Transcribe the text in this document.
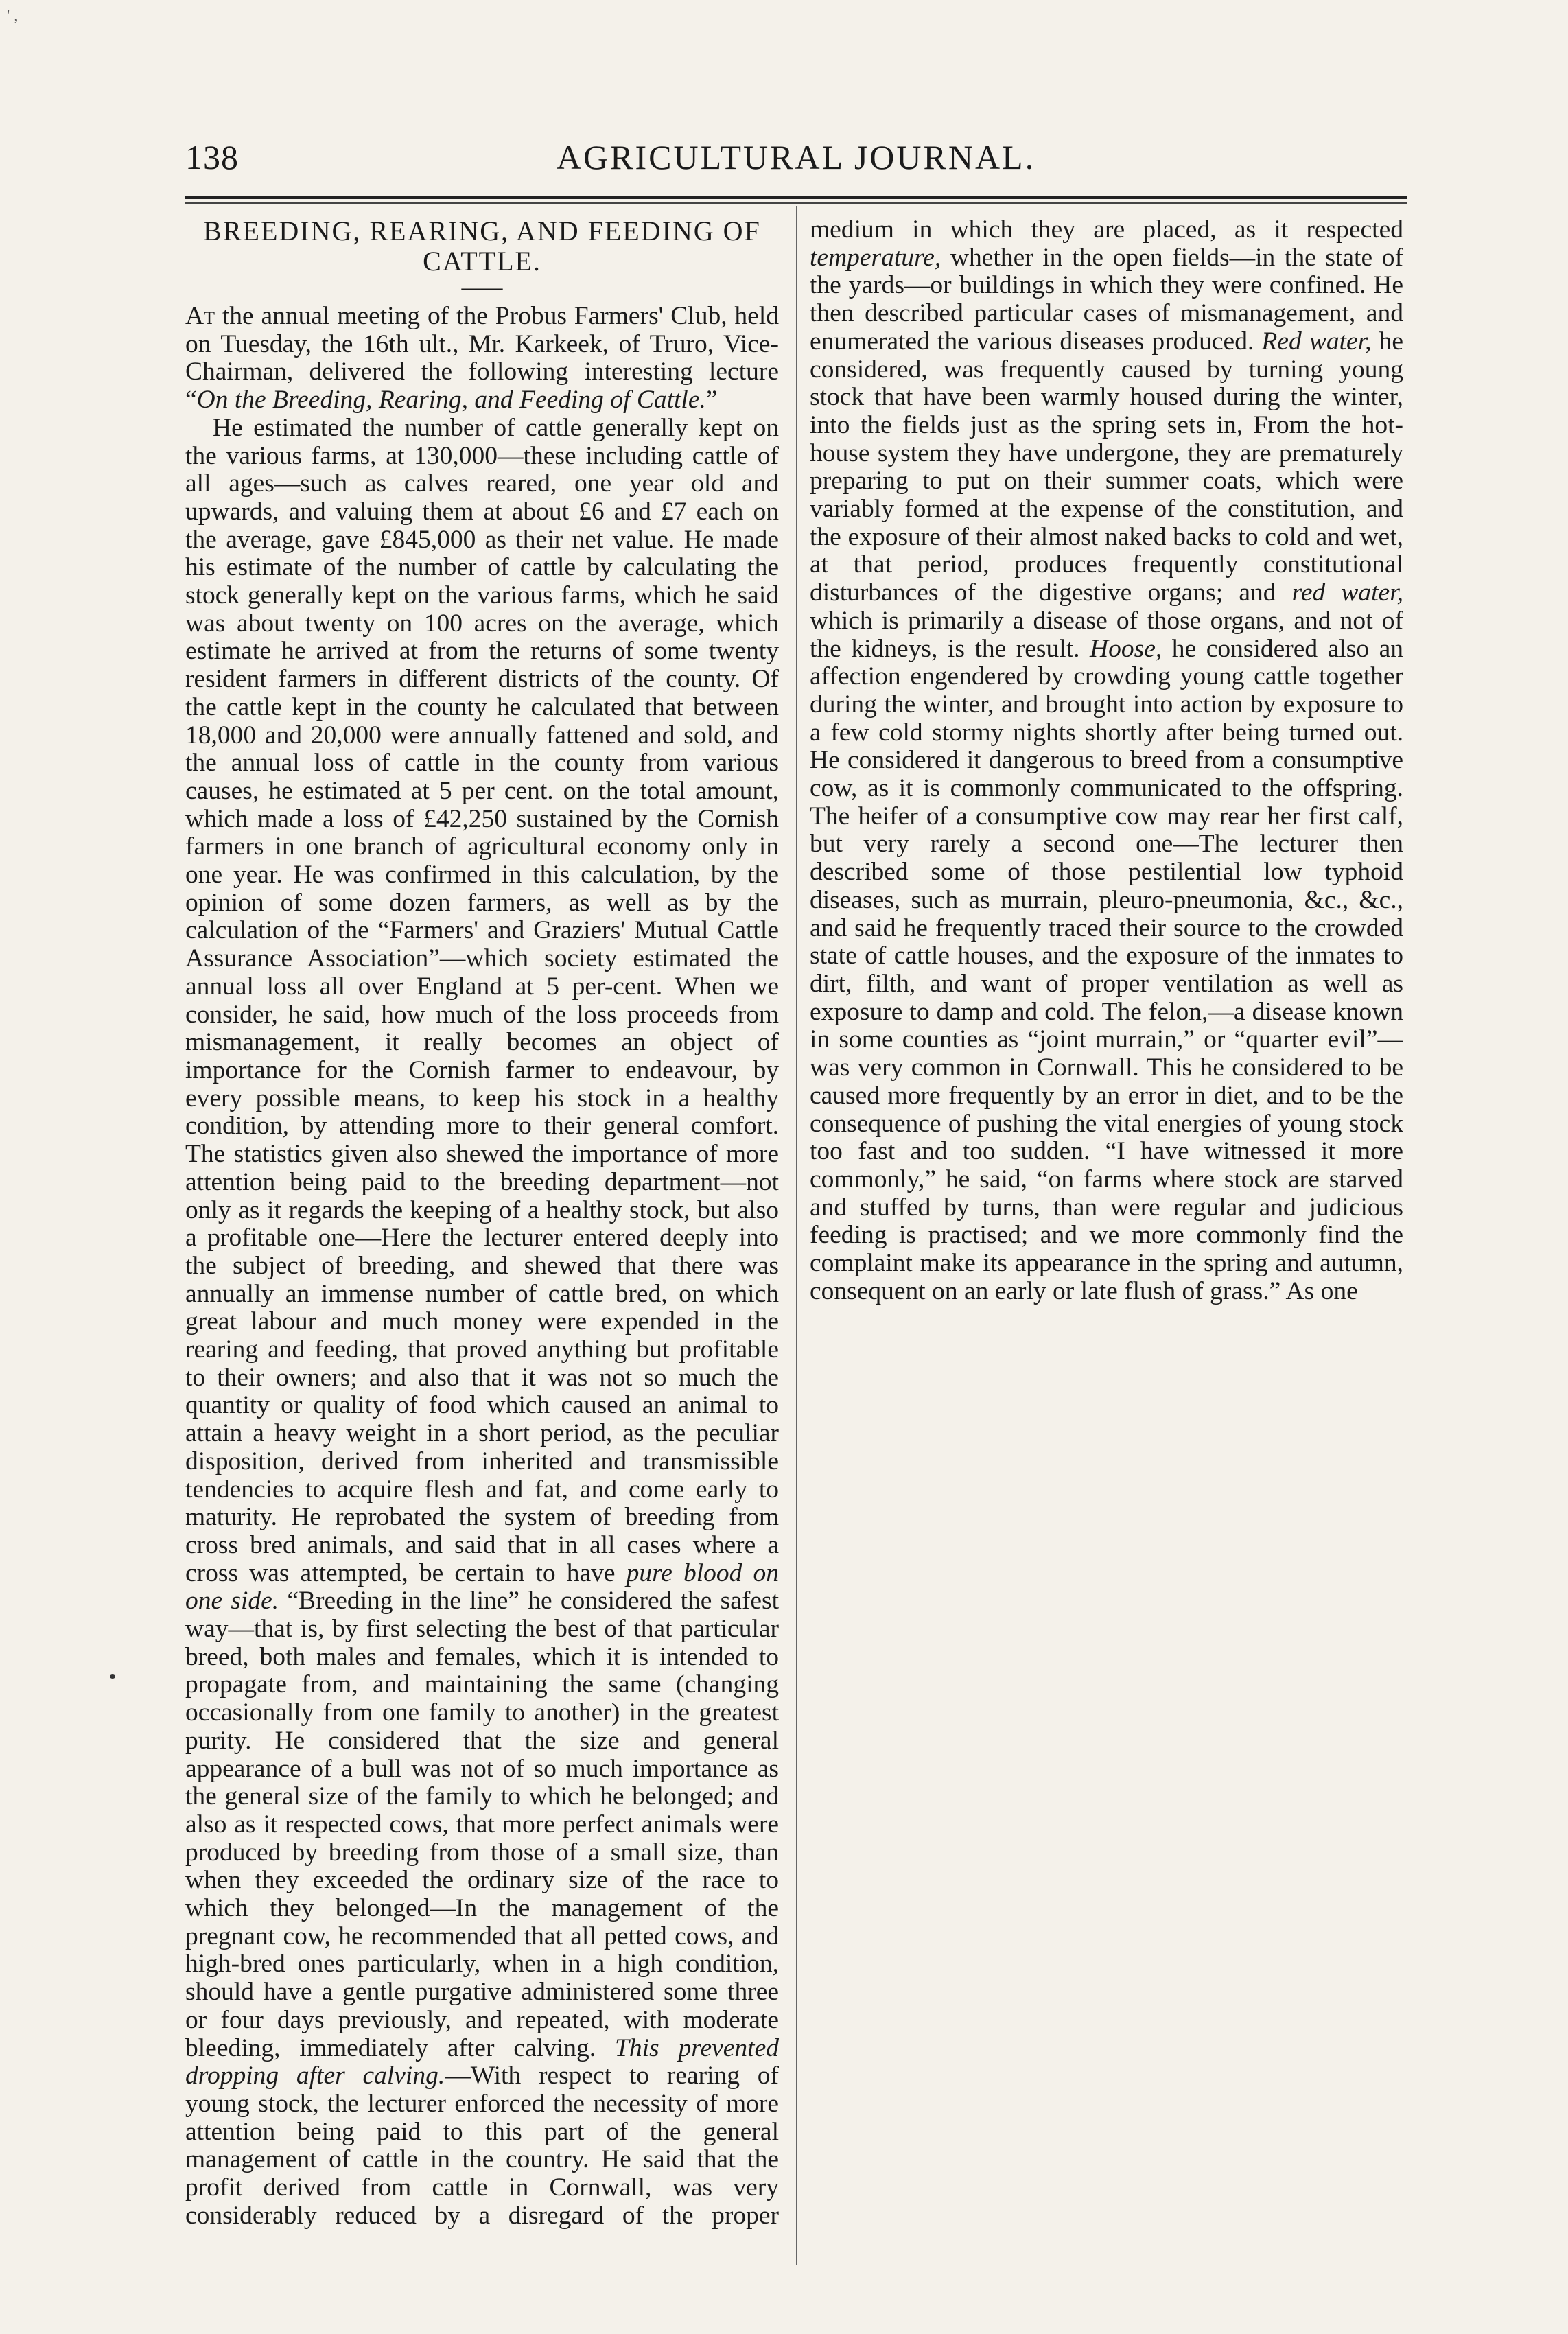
' ,
138	AGRICULTURAL JOURNAL.
BREEDING, REARING, AND FEEDING OF CATTLE.
——

At the annual meeting of the Probus Farmers' Club, held on Tuesday, the 16th ult., Mr. Karkeek, of Truro, Vice-Chairman, delivered the following interesting lecture “On the Breeding, Rearing, and Feeding of Cattle.”

He estimated the number of cattle generally kept on the various farms, at 130,000—these including cattle of all ages—such as calves reared, one year old and upwards, and valuing them at about £6 and £7 each on the average, gave £845,000 as their net value. He made his estimate of the number of cattle by calculating the stock generally kept on the various farms, which he said was about twenty on 100 acres on the average, which estimate he arrived at from the returns of some twenty resident farmers in different districts of the county. Of the cattle kept in the county he calculated that between 18,000 and 20,000 were annually fattened and sold, and the annual loss of cattle in the county from various causes, he estimated at 5 per cent. on the total amount, which made a loss of £42,250 sustained by the Cornish farmers in one branch of agricultural economy only in one year. He was confirmed in this calculation, by the opinion of some dozen farmers, as well as by the calculation of the “Farmers' and Graziers' Mutual Cattle Assurance Association”—which society estimated the annual loss all over England at 5 per-cent. When we consider, he said, how much of the loss proceeds from mismanagement, it really becomes an object of importance for the Cornish farmer to endeavour, by every possible means, to keep his stock in a healthy condition, by attending more to their general comfort. The statistics given also shewed the importance of more attention being paid to the breeding department—not only as it regards the keeping of a healthy stock, but also a profitable one—Here the lecturer entered deeply into the subject of breeding, and shewed that there was annually an immense number of cattle bred, on which great labour and much money were expended in the rearing and feeding, that proved anything but profitable to their owners; and also that it was not so much the quantity or quality of food which caused an animal to attain a heavy weight in a short period, as the peculiar disposition, derived from inherited and transmissible tendencies to acquire flesh and fat, and come early to maturity. He reprobated the system of breeding from cross bred animals, and said that in all cases where a cross was attempted, be certain to have pure blood on one side. “Breeding in the line” he considered the safest way—that is, by first selecting the best of that particular breed, both males and females, which it is intended to propagate from, and maintaining the same (changing occasionally from one family to another) in the greatest purity. He considered that the size and general appearance of a bull was not of so much importance as the general size of the family to which he belonged; and also as it respected cows, that more perfect animals were produced by breeding from those of a small size, than when they exceeded the ordinary size of the race to which they belonged—In the management of the pregnant cow, he recommended that all petted cows, and high-bred ones particularly, when in a high condition, should have a gentle purgative administered some three or four days previously, and repeated, with moderate bleeding, immediately after calving. This prevented dropping after calving.—With respect to rearing of young stock, the lecturer enforced the necessity of more attention being paid to this part of the general management of cattle in the country. He said that the profit derived from cattle in Cornwall, was very considerably reduced by a disregard of the proper medium in which they are placed, as it respected temperature, whether in the open fields—in the state of the yards—or buildings in which they were confined. He then described particular cases of mismanagement, and enumerated the various diseases produced. Red water, he considered, was frequently caused by turning young stock that have been warmly housed during the winter, into the fields just as the spring sets in, From the hot-house system they have undergone, they are prematurely preparing to put on their summer coats, which were variably formed at the expense of the constitution, and the exposure of their almost naked backs to cold and wet, at that period, produces frequently constitutional disturbances of the digestive organs; and red water, which is primarily a disease of those organs, and not of the kidneys, is the result. Hoose, he considered also an affection engendered by crowding young cattle together during the winter, and brought into action by exposure to a few cold stormy nights shortly after being turned out. He considered it dangerous to breed from a consumptive cow, as it is commonly communicated to the offspring. The heifer of a consumptive cow may rear her first calf, but very rarely a second one—The lecturer then described some of those pestilential low typhoid diseases, such as murrain, pleuro-pneumonia, &c., &c., and said he frequently traced their source to the crowded state of cattle houses, and the exposure of the inmates to dirt, filth, and want of proper ventilation as well as exposure to damp and cold. The felon,—a disease known in some counties as “joint murrain,” or “quarter evil”—was very common in Cornwall. This he considered to be caused more frequently by an error in diet, and to be the consequence of pushing the vital energies of young stock too fast and too sudden. “I have witnessed it more commonly,” he said, “on farms where stock are starved and stuffed by turns, than were regular and judicious feeding is practised; and we more commonly find the complaint make its appearance in the spring and autumn, consequent on an early or late flush of grass.” As one
